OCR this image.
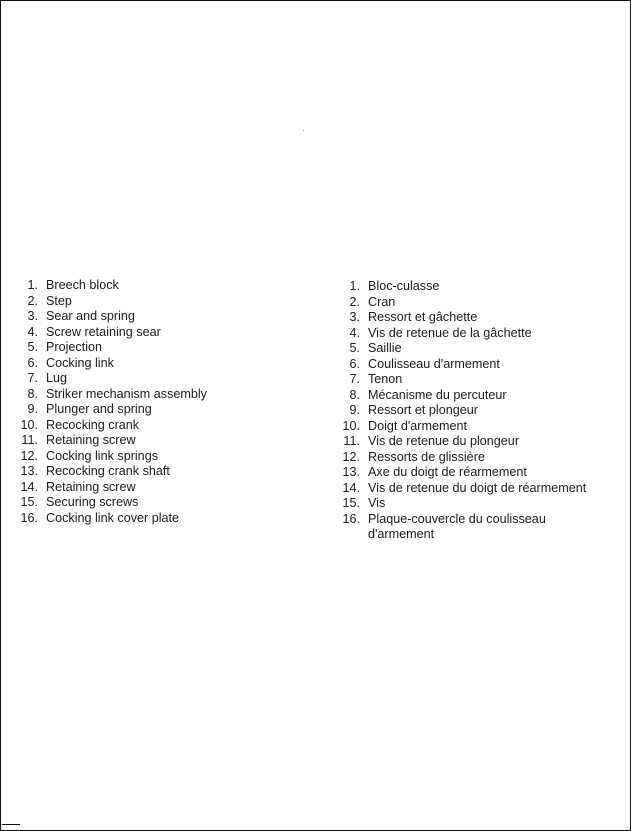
1. Breech block
2. Step
3. Sear and spring
4. Screw retaining sear
5. Projection
6. Cocking link
7. Lug
8. Striker mechanism assembly
9. Plunger and spring
10. Recocking crank
11. Retaining screw
12. Cocking link springs
13. Recocking crank shaft
14. Retaining screw
15. Securing screws
16. Cocking link cover plate
1. Bloc-culasse
2. Cran
3. Ressort et gâchette
4. Vis de retenue de la gâchette
5. Saillie
6. Coulisseau d'armement
7. Tenon
8. Mécanisme du percuteur
9. Ressort et plongeur
10. Doigt d'armement
11. Vis de retenue du plongeur
12. Ressorts de glissière
13. Axe du doigt de réarmement
14. Vis de retenue du doigt de réarmement
15. Vis
16. Plaque-couvercle du coulisseau
d'armement
